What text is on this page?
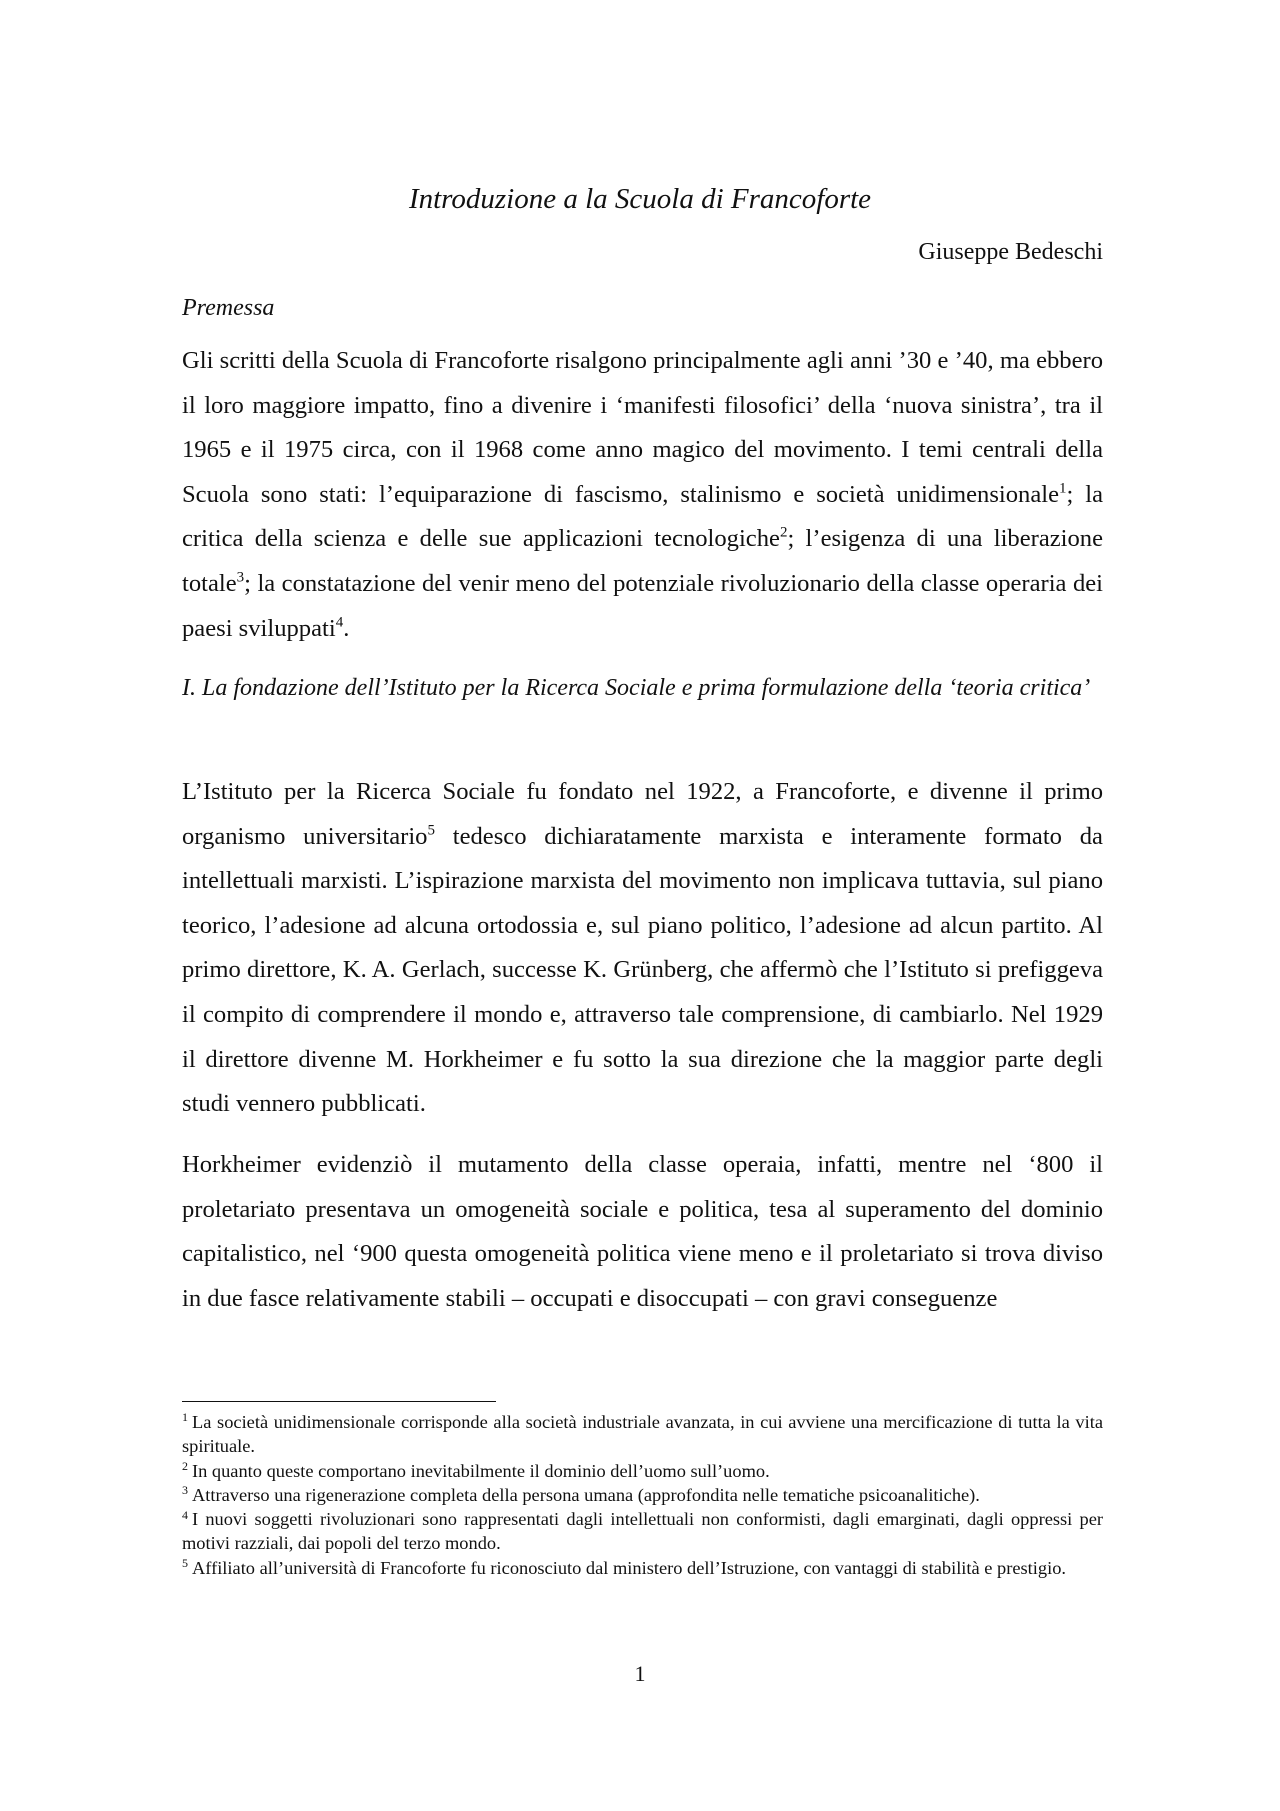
Introduzione a la Scuola di Francoforte

Giuseppe Bedeschi

Premessa

Gli scritti della Scuola di Francoforte risalgono principalmente agli anni ’30 e ’40, ma ebbero il loro maggiore impatto, fino a divenire i ‘manifesti filosofici’ della ‘nuova sinistra’, tra il 1965 e il 1975 circa, con il 1968 come anno magico del movimento. I temi centrali della Scuola sono stati: l’equiparazione di fascismo, stalinismo e società unidimensionale$^1$; la critica della scienza e delle sue applicazioni tecnologiche$^2$; l’esigenza di una liberazione totale$^3$; la constatazione del venir meno del potenziale rivoluzionario della classe operaria dei paesi sviluppati$^4$.

I. La fondazione dell’Istituto per la Ricerca Sociale e prima formulazione della ‘teoria critica’

L’Istituto per la Ricerca Sociale fu fondato nel 1922, a Francoforte, e divenne il primo organismo universitario$^5$ tedesco dichiaratamente marxista e interamente formato da intellettuali marxisti. L’ispirazione marxista del movimento non implicava tuttavia, sul piano teorico, l’adesione ad alcuna ortodossia e, sul piano politico, l’adesione ad alcun partito. Al primo direttore, K. A. Gerlach, successe K. Grünberg, che affermò che l’Istituto si prefiggeva il compito di comprendere il mondo e, attraverso tale comprensione, di cambiarlo. Nel 1929 il direttore divenne M. Horkheimer e fu sotto la sua direzione che la maggior parte degli studi vennero pubblicati.

Horkheimer evidenziò il mutamento della classe operaia, infatti, mentre nel ‘800 il proletariato presentava un omogeneità sociale e politica, tesa al superamento del dominio capitalistico, nel ‘900 questa omogeneità politica viene meno e il proletariato si trova diviso in due fasce relativamente stabili – occupati e disoccupati – con gravi conseguenze

$^1$ La società unidimensionale corrisponde alla società industriale avanzata, in cui avviene una mercificazione di tutta la vita spirituale.
$^2$ In quanto queste comportano inevitabilmente il dominio dell’uomo sull’uomo.
$^3$ Attraverso una rigenerazione completa della persona umana (approfondita nelle tematiche psicoanalitiche).
$^4$ I nuovi soggetti rivoluzionari sono rappresentati dagli intellettuali non conformisti, dagli emarginati, dagli oppressi per motivi razziali, dai popoli del terzo mondo.
$^5$ Affiliato all’università di Francoforte fu riconosciuto dal ministero dell’Istruzione, con vantaggi di stabilità e prestigio.

1
